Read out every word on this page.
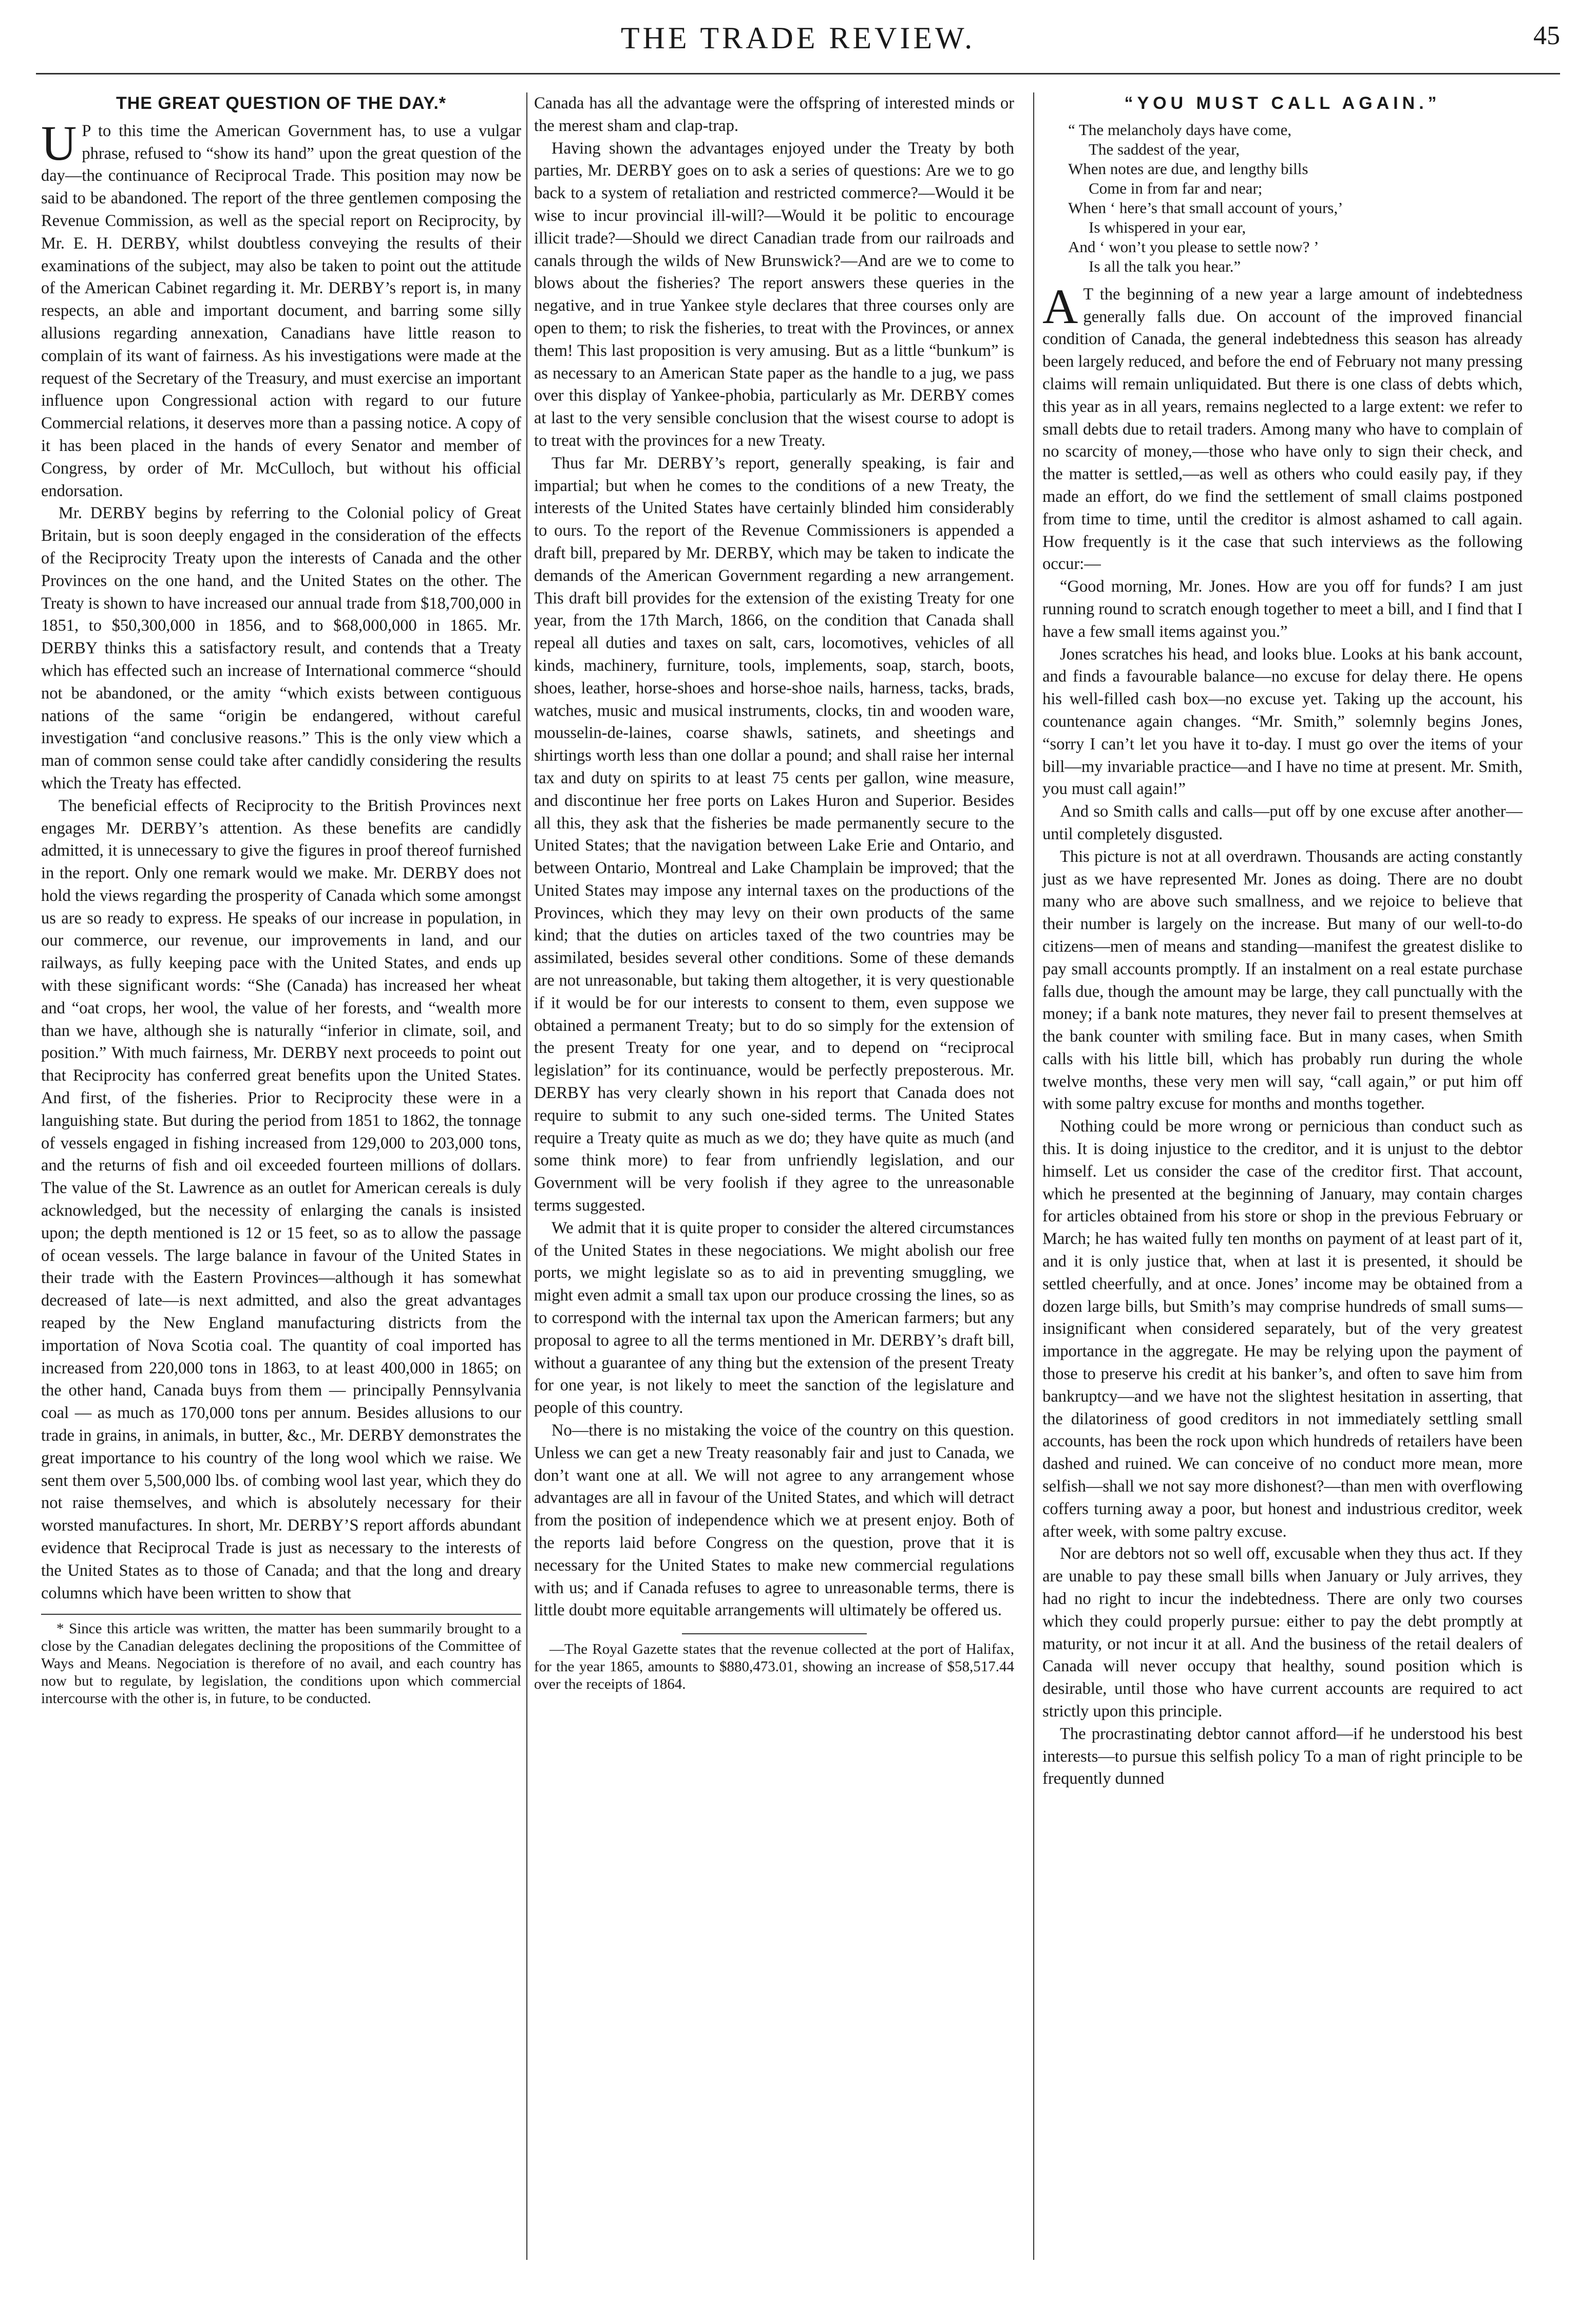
THE TRADE REVIEW.	45
THE GREAT QUESTION OF THE DAY.*

U P to this time the American Government has, to use a vulgar phrase, refused to “show its hand” upon the great question of the day—the continuance of Reciprocal Trade. This position may now be said to be abandoned. The report of the three gentlemen composing the Revenue Commission, as well as the special report on Reciprocity, by Mr. E. H. DERBY, whilst doubtless conveying the results of their examinations of the subject, may also be taken to point out the attitude of the American Cabinet regarding it. Mr. DERBY’s report is, in many respects, an able and important document, and barring some silly allusions regarding annexation, Canadians have little reason to complain of its want of fairness. As his investigations were made at the request of the Secretary of the Treasury, and must exercise an important influence upon Congressional action with regard to our future Commercial relations, it deserves more than a passing notice. A copy of it has been placed in the hands of every Senator and member of Congress, by order of Mr. McCulloch, but without his official endorsation.

Mr. DERBY begins by referring to the Colonial policy of Great Britain, but is soon deeply engaged in the consideration of the effects of the Reciprocity Treaty upon the interests of Canada and the other Provinces on the one hand, and the United States on the other. The Treaty is shown to have increased our annual trade from $18,700,000 in 1851, to $50,300,000 in 1856, and to $68,000,000 in 1865. Mr. DERBY thinks this a satisfactory result, and contends that a Treaty which has effected such an increase of International commerce “should not be abandoned, or the amity “which exists between contiguous nations of the same “origin be endangered, without careful investigation “and conclusive reasons.” This is the only view which a man of common sense could take after candidly considering the results which the Treaty has effected.

The beneficial effects of Reciprocity to the British Provinces next engages Mr. DERBY’s attention. As these benefits are candidly admitted, it is unnecessary to give the figures in proof thereof furnished in the report. Only one remark would we make. Mr. DERBY does not hold the views regarding the prosperity of Canada which some amongst us are so ready to express. He speaks of our increase in population, in our commerce, our revenue, our improvements in land, and our railways, as fully keeping pace with the United States, and ends up with these significant words: “She (Canada) has increased her wheat and “oat crops, her wool, the value of her forests, and “wealth more than we have, although she is naturally “inferior in climate, soil, and position.” With much fairness, Mr. DERBY next proceeds to point out that Reciprocity has conferred great benefits upon the United States. And first, of the fisheries. Prior to Reciprocity these were in a languishing state. But during the period from 1851 to 1862, the tonnage of vessels engaged in fishing increased from 129,000 to 203,000 tons, and the returns of fish and oil exceeded fourteen millions of dollars. The value of the St. Lawrence as an outlet for American cereals is duly acknowledged, but the necessity of enlarging the canals is insisted upon; the depth mentioned is 12 or 15 feet, so as to allow the passage of ocean vessels. The large balance in favour of the United States in their trade with the Eastern Provinces—although it has somewhat decreased of late—is next admitted, and also the great advantages reaped by the New England manufacturing districts from the importation of Nova Scotia coal. The quantity of coal imported has increased from 220,000 tons in 1863, to at least 400,000 in 1865; on the other hand, Canada buys from them — principally Pennsylvania coal — as much as 170,000 tons per annum. Besides allusions to our trade in grains, in animals, in butter, &c., Mr. DERBY demonstrates the great importance to his country of the long wool which we raise. We sent them over 5,500,000 lbs. of combing wool last year, which they do not raise themselves, and which is absolutely necessary for their worsted manufactures. In short, Mr. DERBY’S report affords abundant evidence that Reciprocal Trade is just as necessary to the interests of the United States as to those of Canada; and that the long and dreary columns which have been written to show that

* Since this article was written, the matter has been summarily brought to a close by the Canadian delegates declining the propositions of the Committee of Ways and Means. Negociation is therefore of no avail, and each country has now but to regulate, by legislation, the conditions upon which commercial intercourse with the other is, in future, to be conducted.

Canada has all the advantage were the offspring of interested minds or the merest sham and clap-trap.

Having shown the advantages enjoyed under the Treaty by both parties, Mr. DERBY goes on to ask a series of questions: Are we to go back to a system of retaliation and restricted commerce?—Would it be wise to incur provincial ill-will?—Would it be politic to encourage illicit trade?—Should we direct Canadian trade from our railroads and canals through the wilds of New Brunswick?—And are we to come to blows about the fisheries? The report answers these queries in the negative, and in true Yankee style declares that three courses only are open to them; to risk the fisheries, to treat with the Provinces, or annex them! This last proposition is very amusing. But as a little “bunkum” is as necessary to an American State paper as the handle to a jug, we pass over this display of Yankee-phobia, particularly as Mr. DERBY comes at last to the very sensible conclusion that the wisest course to adopt is to treat with the provinces for a new Treaty.

Thus far Mr. DERBY’s report, generally speaking, is fair and impartial; but when he comes to the conditions of a new Treaty, the interests of the United States have certainly blinded him considerably to ours. To the report of the Revenue Commissioners is appended a draft bill, prepared by Mr. DERBY, which may be taken to indicate the demands of the American Government regarding a new arrangement. This draft bill provides for the extension of the existing Treaty for one year, from the 17th March, 1866, on the condition that Canada shall repeal all duties and taxes on salt, cars, locomotives, vehicles of all kinds, machinery, furniture, tools, implements, soap, starch, boots, shoes, leather, horse-shoes and horse-shoe nails, harness, tacks, brads, watches, music and musical instruments, clocks, tin and wooden ware, mousselin-de-laines, coarse shawls, satinets, and sheetings and shirtings worth less than one dollar a pound; and shall raise her internal tax and duty on spirits to at least 75 cents per gallon, wine measure, and discontinue her free ports on Lakes Huron and Superior. Besides all this, they ask that the fisheries be made permanently secure to the United States; that the navigation between Lake Erie and Ontario, and between Ontario, Montreal and Lake Champlain be improved; that the United States may impose any internal taxes on the productions of the Provinces, which they may levy on their own products of the same kind; that the duties on articles taxed of the two countries may be assimilated, besides several other conditions. Some of these demands are not unreasonable, but taking them altogether, it is very questionable if it would be for our interests to consent to them, even suppose we obtained a permanent Treaty; but to do so simply for the extension of the present Treaty for one year, and to depend on “reciprocal legislation” for its continuance, would be perfectly preposterous. Mr. DERBY has very clearly shown in his report that Canada does not require to submit to any such one-sided terms. The United States require a Treaty quite as much as we do; they have quite as much (and some think more) to fear from unfriendly legislation, and our Government will be very foolish if they agree to the unreasonable terms suggested.

We admit that it is quite proper to consider the altered circumstances of the United States in these negociations. We might abolish our free ports, we might legislate so as to aid in preventing smuggling, we might even admit a small tax upon our produce crossing the lines, so as to correspond with the internal tax upon the American farmers; but any proposal to agree to all the terms mentioned in Mr. DERBY’s draft bill, without a guarantee of any thing but the extension of the present Treaty for one year, is not likely to meet the sanction of the legislature and people of this country.

No—there is no mistaking the voice of the country on this question. Unless we can get a new Treaty reasonably fair and just to Canada, we don’t want one at all. We will not agree to any arrangement whose advantages are all in favour of the United States, and which will detract from the position of independence which we at present enjoy. Both of the reports laid before Congress on the question, prove that it is necessary for the United States to make new commercial regulations with us; and if Canada refuses to agree to unreasonable terms, there is little doubt more equitable arrangements will ultimately be offered us.

—The Royal Gazette states that the revenue collected at the port of Halifax, for the year 1865, amounts to $880,473.01, showing an increase of $58,517.44 over the receipts of 1864.

“YOU MUST CALL AGAIN.”
“ The melancholy days have come,
The saddest of the year,
When notes are due, and lengthy bills
Come in from far and near;
When ‘ here’s that small account of yours,’
Is whispered in your ear,
And ‘ won’t you please to settle now? ’
Is all the talk you hear.”

A T the beginning of a new year a large amount of indebtedness generally falls due. On account of the improved financial condition of Canada, the general indebtedness this season has already been largely reduced, and before the end of February not many pressing claims will remain unliquidated. But there is one class of debts which, this year as in all years, remains neglected to a large extent: we refer to small debts due to retail traders. Among many who have to complain of no scarcity of money,—those who have only to sign their check, and the matter is settled,—as well as others who could easily pay, if they made an effort, do we find the settlement of small claims postponed from time to time, until the creditor is almost ashamed to call again. How frequently is it the case that such interviews as the following occur:—

“Good morning, Mr. Jones. How are you off for funds? I am just running round to scratch enough together to meet a bill, and I find that I have a few small items against you.”

Jones scratches his head, and looks blue. Looks at his bank account, and finds a favourable balance—no excuse for delay there. He opens his well-filled cash box—no excuse yet. Taking up the account, his countenance again changes. “Mr. Smith,” solemnly begins Jones, “sorry I can’t let you have it to-day. I must go over the items of your bill—my invariable practice—and I have no time at present. Mr. Smith, you must call again!”

And so Smith calls and calls—put off by one excuse after another—until completely disgusted.

This picture is not at all overdrawn. Thousands are acting constantly just as we have represented Mr. Jones as doing. There are no doubt many who are above such smallness, and we rejoice to believe that their number is largely on the increase. But many of our well-to-do citizens—men of means and standing—manifest the greatest dislike to pay small accounts promptly. If an instalment on a real estate purchase falls due, though the amount may be large, they call punctually with the money; if a bank note matures, they never fail to present themselves at the bank counter with smiling face. But in many cases, when Smith calls with his little bill, which has probably run during the whole twelve months, these very men will say, “call again,” or put him off with some paltry excuse for months and months together.

Nothing could be more wrong or pernicious than conduct such as this. It is doing injustice to the creditor, and it is unjust to the debtor himself. Let us consider the case of the creditor first. That account, which he presented at the beginning of January, may contain charges for articles obtained from his store or shop in the previous February or March; he has waited fully ten months on payment of at least part of it, and it is only justice that, when at last it is presented, it should be settled cheerfully, and at once. Jones’ income may be obtained from a dozen large bills, but Smith’s may comprise hundreds of small sums—insignificant when considered separately, but of the very greatest importance in the aggregate. He may be relying upon the payment of those to preserve his credit at his banker’s, and often to save him from bankruptcy—and we have not the slightest hesitation in asserting, that the dilatoriness of good creditors in not immediately settling small accounts, has been the rock upon which hundreds of retailers have been dashed and ruined. We can conceive of no conduct more mean, more selfish—shall we not say more dishonest?—than men with overflowing coffers turning away a poor, but honest and industrious creditor, week after week, with some paltry excuse.

Nor are debtors not so well off, excusable when they thus act. If they are unable to pay these small bills when January or July arrives, they had no right to incur the indebtedness. There are only two courses which they could properly pursue: either to pay the debt promptly at maturity, or not incur it at all. And the business of the retail dealers of Canada will never occupy that healthy, sound position which is desirable, until those who have current accounts are required to act strictly upon this principle.

The procrastinating debtor cannot afford—if he understood his best interests—to pursue this selfish policy To a man of right principle to be frequently dunned
